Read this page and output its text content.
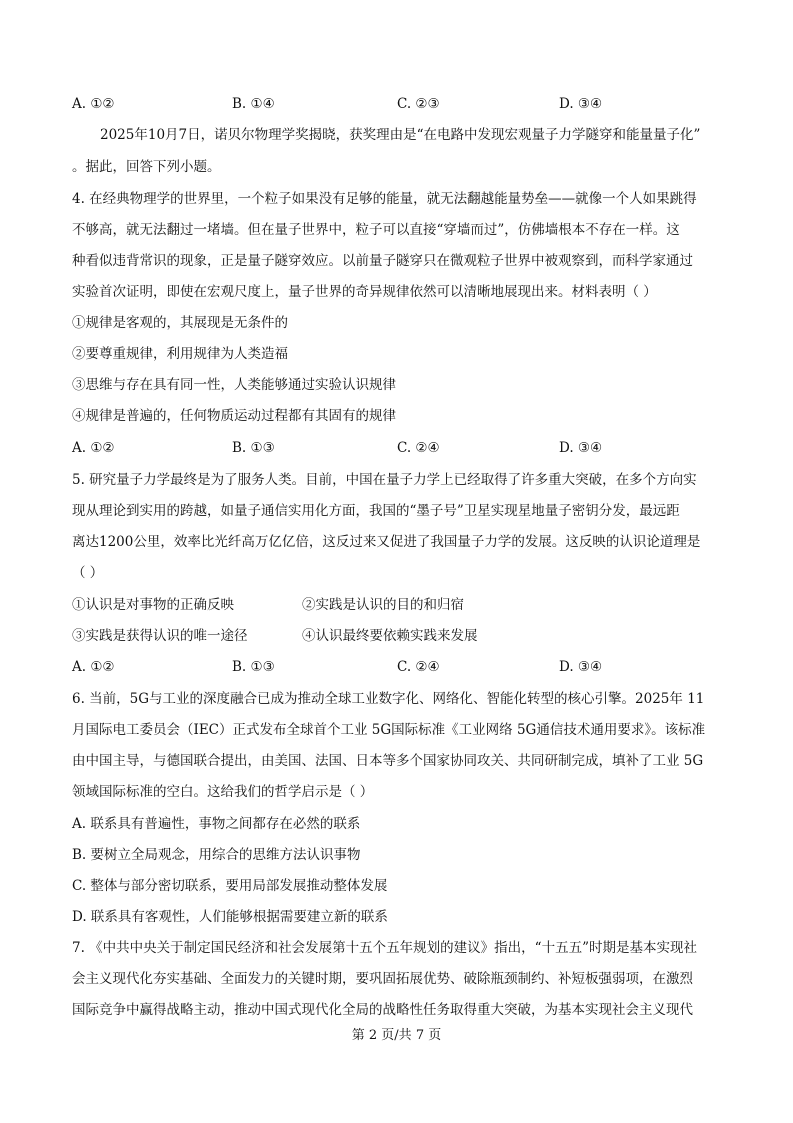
A. ①②	B. ①④	C. ②③	D. ③④
2025年10月7日，诺贝尔物理学奖揭晓，获奖理由是“在电路中发现宏观量子力学隧穿和能量量子化”
。据此，回答下列小题。
4. 在经典物理学的世界里，一个粒子如果没有足够的能量，就无法翻越能量势垒——就像一个人如果跳得
不够高，就无法翻过一堵墙。但在量子世界中，粒子可以直接“穿墙而过”，仿佛墙根本不存在一样。这
种看似违背常识的现象，正是量子隧穿效应。以前量子隧穿只在微观粒子世界中被观察到，而科学家通过
实验首次证明，即使在宏观尺度上，量子世界的奇异规律依然可以清晰地展现出来。材料表明（ ）
①规律是客观的，其展现是无条件的
②要尊重规律，利用规律为人类造福
③思维与存在具有同一性，人类能够通过实验认识规律
④规律是普遍的，任何物质运动过程都有其固有的规律
A. ①②	B. ①③	C. ②④	D. ③④
5. 研究量子力学最终是为了服务人类。目前，中国在量子力学上已经取得了许多重大突破，在多个方向实
现从理论到实用的跨越，如量子通信实用化方面，我国的“墨子号”卫星实现星地量子密钥分发，最远距
离达1200公里，效率比光纤高万亿亿倍，这反过来又促进了我国量子力学的发展。这反映的认识论道理是
（ ）
①认识是对事物的正确反映	②实践是认识的目的和归宿
③实践是获得认识的唯一途径	④认识最终要依赖实践来发展
A. ①②	B. ①③	C. ②④	D. ③④
6. 当前，5G与工业的深度融合已成为推动全球工业数字化、网络化、智能化转型的核心引擎。2025年 11
月国际电工委员会（IEC）正式发布全球首个工业 5G国际标准《工业网络 5G通信技术通用要求》。该标准
由中国主导，与德国联合提出，由美国、法国、日本等多个国家协同攻关、共同研制完成，填补了工业 5G
领域国际标准的空白。这给我们的哲学启示是（ ）
A. 联系具有普遍性，事物之间都存在必然的联系
B. 要树立全局观念，用综合的思维方法认识事物
C. 整体与部分密切联系，要用局部发展推动整体发展
D. 联系具有客观性，人们能够根据需要建立新的联系
7. 《中共中央关于制定国民经济和社会发展第十五个五年规划的建议》指出，“十五五”时期是基本实现社
会主义现代化夯实基础、全面发力的关键时期，要巩固拓展优势、破除瓶颈制约、补短板强弱项，在激烈
国际竞争中赢得战略主动，推动中国式现代化全局的战略性任务取得重大突破，为基本实现社会主义现代
第 2 页/共 7 页
